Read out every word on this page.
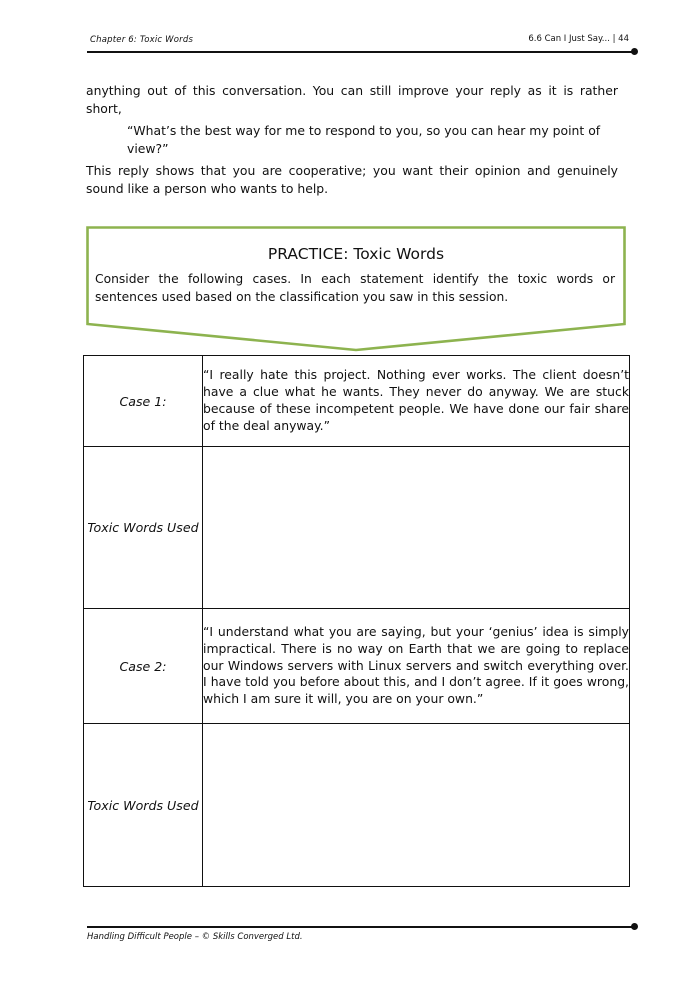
Chapter 6: Toxic Words	6.6 Can I Just Say... | 44
anything out of this conversation. You can still improve your reply as it is rather short,
“What’s the best way for me to respond to you, so you can hear my point of view?”
This reply shows that you are cooperative; you want their opinion and genuinely sound like a person who wants to help.
PRACTICE: Toxic Words
Consider the following cases. In each statement identify the toxic words or sentences used based on the classification you saw in this session.
Case 1:	“I really hate this project. Nothing ever works. The client doesn’t have a clue what he wants. They never do anyway. We are stuck because of these incompetent people. We have done our fair share of the deal anyway.”
Toxic Words Used	
Case 2:	“I understand what you are saying, but your ‘genius’ idea is simply impractical. There is no way on Earth that we are going to replace our Windows servers with Linux servers and switch everything over. I have told you before about this, and I don’t agree. If it goes wrong, which I am sure it will, you are on your own.”
Toxic Words Used	
Handling Difficult People – © Skills Converged Ltd.
